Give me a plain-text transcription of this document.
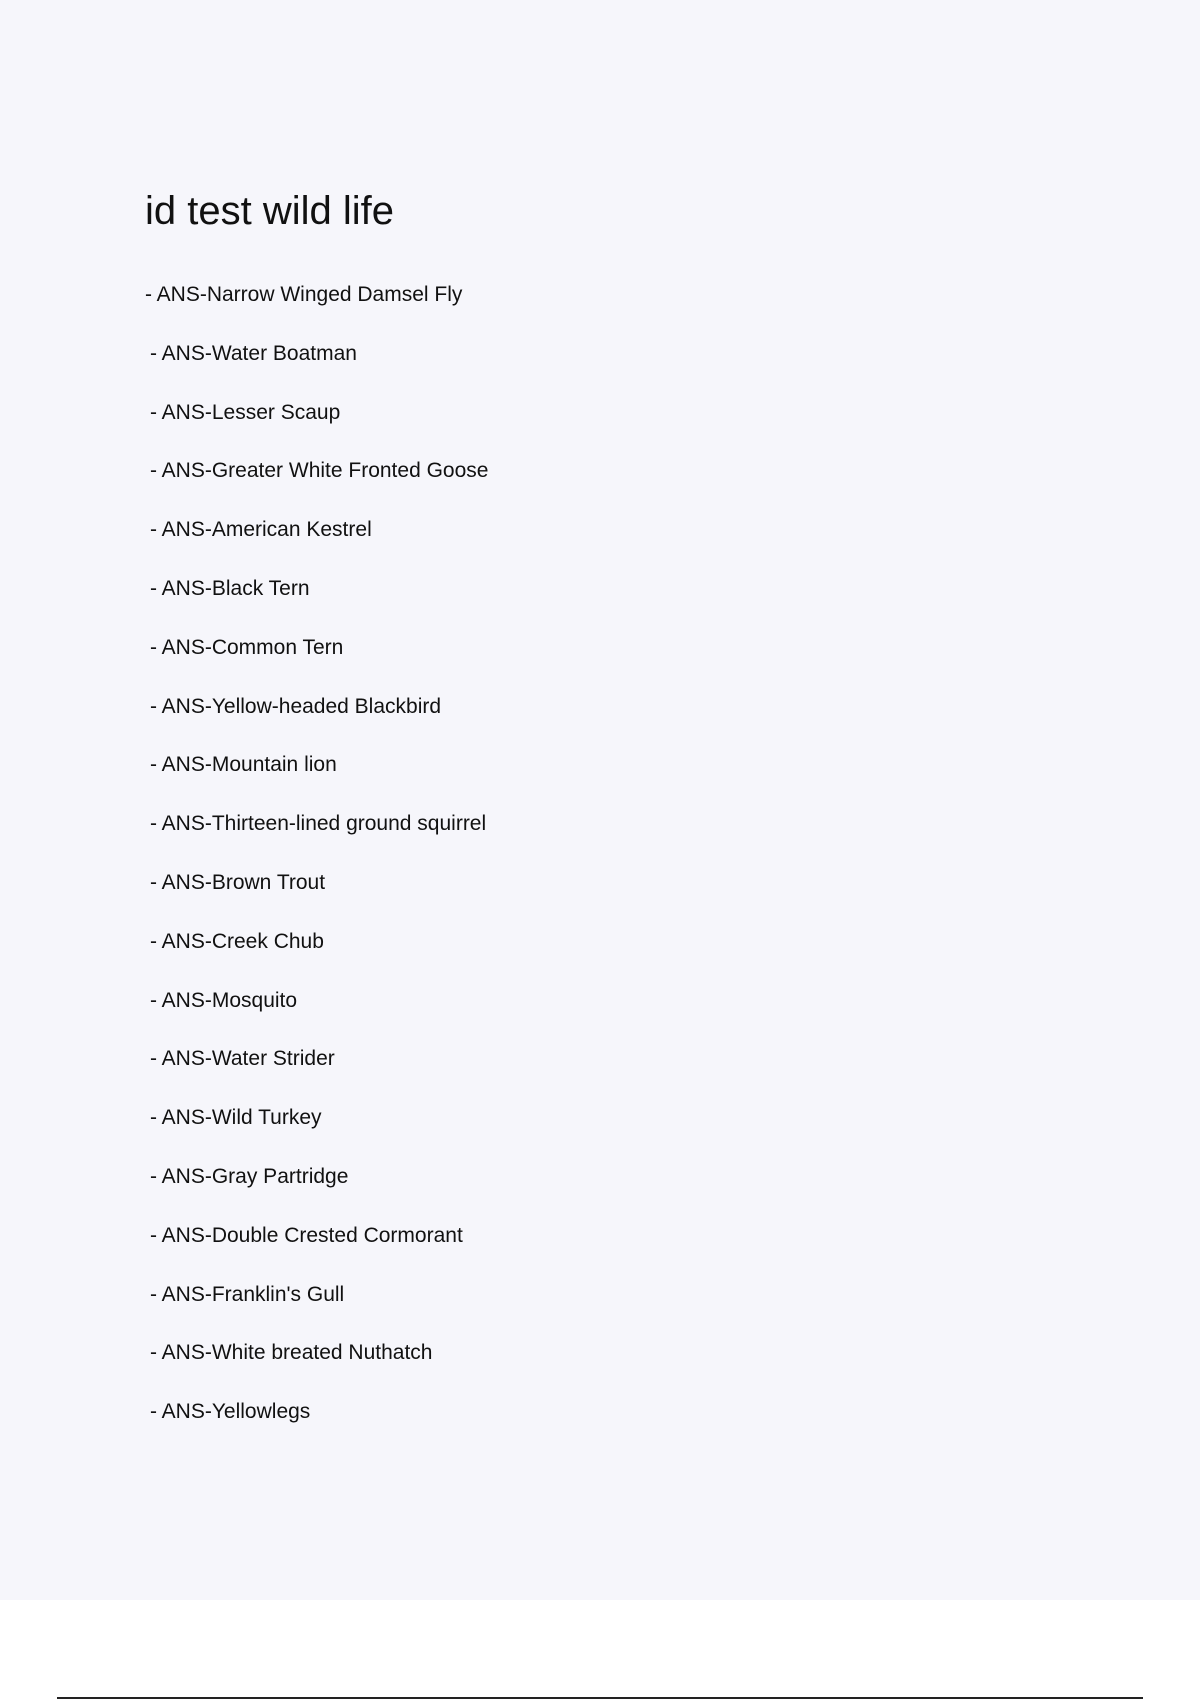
id test wild life
- ANS-Narrow Winged Damsel Fly
- ANS-Water Boatman
- ANS-Lesser Scaup
- ANS-Greater White Fronted Goose
- ANS-American Kestrel
- ANS-Black Tern
- ANS-Common Tern
- ANS-Yellow-headed Blackbird
- ANS-Mountain lion
- ANS-Thirteen-lined ground squirrel
- ANS-Brown Trout
- ANS-Creek Chub
- ANS-Mosquito
- ANS-Water Strider
- ANS-Wild Turkey
- ANS-Gray Partridge
- ANS-Double Crested Cormorant
- ANS-Franklin's Gull
- ANS-White breated Nuthatch
- ANS-Yellowlegs
